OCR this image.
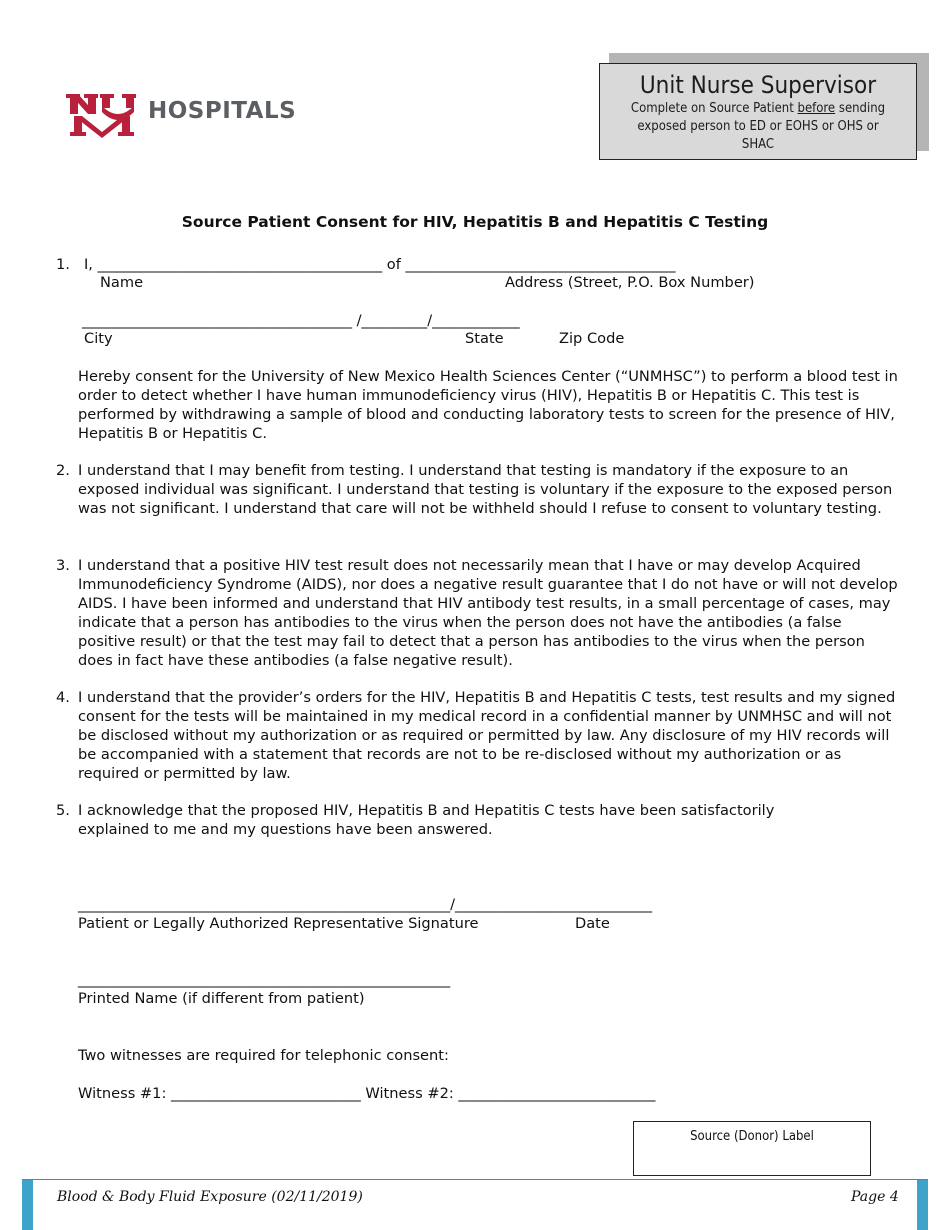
HOSPITALS
Unit Nurse Supervisor
Complete on Source Patient before sending
exposed person to ED or EOHS or OHS or
SHAC
Source Patient Consent for HIV, Hepatitis B and Hepatitis C Testing
1. I, _______________________________________ of _____________________________________
Name	Address (Street, P.O. Box Number)
_____________________________________ /_________/____________
City	State	Zip Code
Hereby consent for the University of New Mexico Health Sciences Center (“UNMHSC”) to perform a blood test in order to detect whether I have human immunodeficiency virus (HIV), Hepatitis B or Hepatitis C. This test is performed by withdrawing a sample of blood and conducting laboratory tests to screen for the presence of HIV, Hepatitis B or Hepatitis C.
2. I understand that I may benefit from testing. I understand that testing is mandatory if the exposure to an exposed individual was significant. I understand that testing is voluntary if the exposure to the exposed person was not significant. I understand that care will not be withheld should I refuse to consent to voluntary testing.
3. I understand that a positive HIV test result does not necessarily mean that I have or may develop Acquired Immunodeficiency Syndrome (AIDS), nor does a negative result guarantee that I do not have or will not develop AIDS. I have been informed and understand that HIV antibody test results, in a small percentage of cases, may indicate that a person has antibodies to the virus when the person does not have the antibodies (a false positive result) or that the test may fail to detect that a person has antibodies to the virus when the person does in fact have these antibodies (a false negative result).
4. I understand that the provider’s orders for the HIV, Hepatitis B and Hepatitis C tests, test results and my signed consent for the tests will be maintained in my medical record in a confidential manner by UNMHSC and will not be disclosed without my authorization or as required or permitted by law. Any disclosure of my HIV records will be accompanied with a statement that records are not to be re-disclosed without my authorization or as required or permitted by law.
5. I acknowledge that the proposed HIV, Hepatitis B and Hepatitis C tests have been satisfactorily explained to me and my questions have been answered.
___________________________________________________/___________________________
Patient or Legally Authorized Representative Signature	Date
___________________________________________________
Printed Name (if different from patient)
Two witnesses are required for telephonic consent:
Witness #1: __________________________ Witness #2: ___________________________
Source (Donor) Label
Blood & Body Fluid Exposure (02/11/2019)	Page 4
